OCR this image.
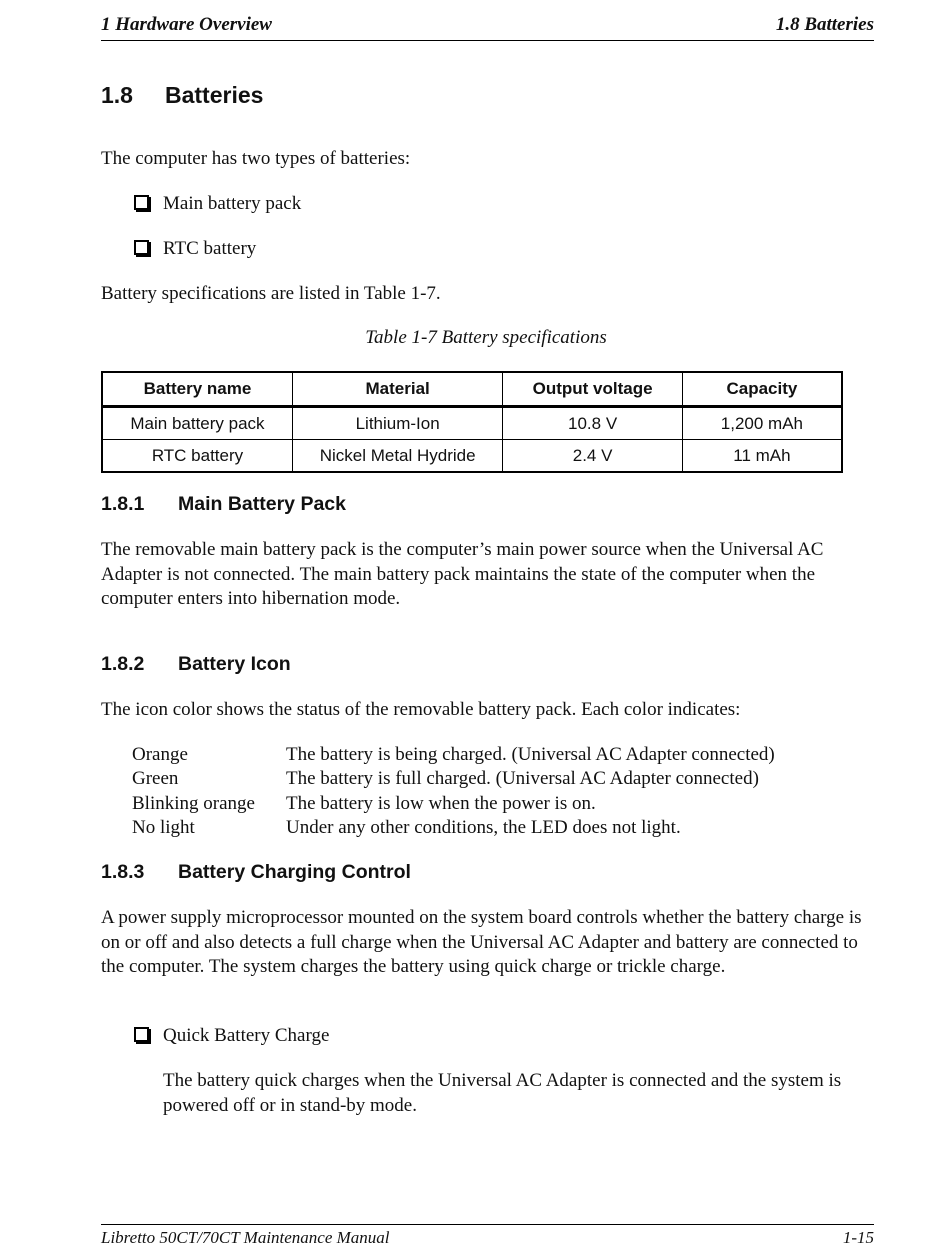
1 Hardware Overview	1.8 Batteries
1.8 Batteries
The computer has two types of batteries:
Main battery pack
RTC battery
Battery specifications are listed in Table 1-7.
Table 1-7 Battery specifications
Battery name	Material	Output voltage	Capacity
Main battery pack	Lithium-Ion	10.8 V	1,200 mAh
RTC battery	Nickel Metal Hydride	2.4 V	11 mAh
1.8.1 Main Battery Pack
The removable main battery pack is the computer’s main power source when the Universal AC Adapter is not connected. The main battery pack maintains the state of the computer when the computer enters into hibernation mode.
1.8.2 Battery Icon
The icon color shows the status of the removable battery pack. Each color indicates:
Orange	The battery is being charged. (Universal AC Adapter connected)
Green	The battery is full charged. (Universal AC Adapter connected)
Blinking orange	The battery is low when the power is on.
No light	Under any other conditions, the LED does not light.
1.8.3 Battery Charging Control
A power supply microprocessor mounted on the system board controls whether the battery charge is on or off and also detects a full charge when the Universal AC Adapter and battery are connected to the computer. The system charges the battery using quick charge or trickle charge.
Quick Battery Charge
The battery quick charges when the Universal AC Adapter is connected and the system is powered off or in stand-by mode.
Libretto 50CT/70CT Maintenance Manual	1-15
